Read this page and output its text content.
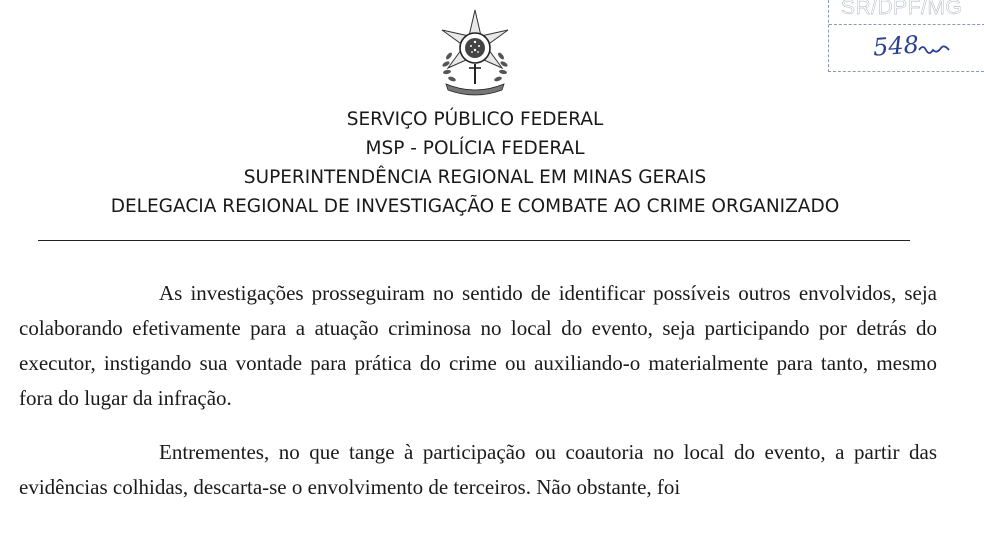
SR/DPF/MG
548
SERVIÇO PÚBLICO FEDERAL
MSP - POLÍCIA FEDERAL
SUPERINTENDÊNCIA REGIONAL EM MINAS GERAIS
DELEGACIA REGIONAL DE INVESTIGAÇÃO E COMBATE AO CRIME ORGANIZADO

As investigações prosseguiram no sentido de identificar possíveis outros envolvidos, seja colaborando efetivamente para a atuação criminosa no local do evento, seja participando por detrás do executor, instigando sua vontade para prática do crime ou auxiliando-o materialmente para tanto, mesmo fora do lugar da infração.

Entrementes, no que tange à participação ou coautoria no local do evento, a partir das evidências colhidas, descarta-se o envolvimento de terceiros. Não obstante, foi
